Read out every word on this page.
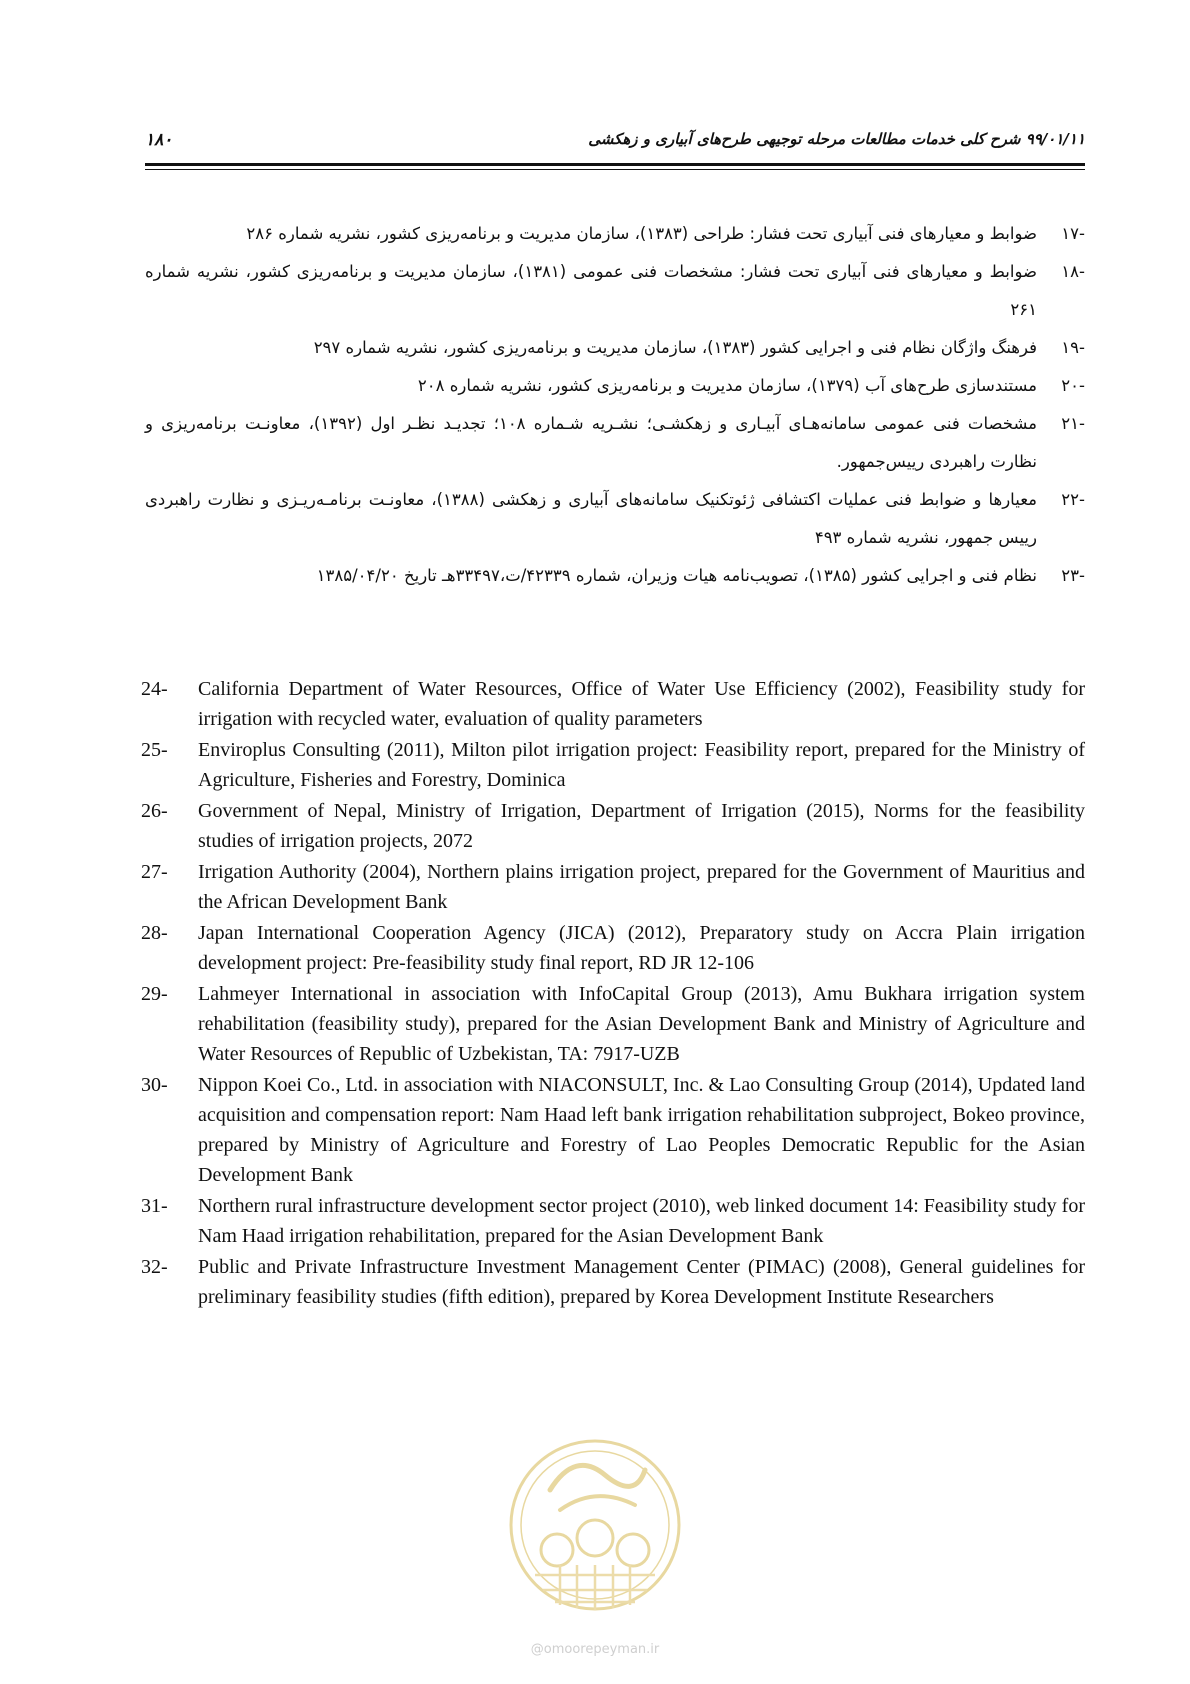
۱۸۰	۹۹/۰۱/۱۱ شرح کلی خدمات مطالعات مرحله توجیهی طرح‌های آبیاری و زهکشی

-۱۷
ضوابط و معیارهای فنی آبیاری تحت فشار: طراحی (۱۳۸۳)، سازمان مدیریت و برنامه‌ریزی کشور، نشریه شماره ۲۸۶

-۱۸
ضوابط و معیارهای فنی آبیاری تحت فشار: مشخصات فنی عمومی (۱۳۸۱)، سازمان مدیریت و برنامه‌ریزی کشور، نشریه شماره ۲۶۱

-۱۹
فرهنگ واژگان نظام فنی و اجرایی کشور (۱۳۸۳)، سازمان مدیریت و برنامه‌ریزی کشور، نشریه شماره ۲۹۷

-۲۰
مستندسازی طرح‌های آب (۱۳۷۹)، سازمان مدیریت و برنامه‌ریزی کشور، نشریه شماره ۲۰۸

-۲۱
مشخصات فنی عمومی سامانه‌هـای آبیـاری و زهکشـی؛ نشـریه شـماره ۱۰۸؛ تجدیـد نظـر اول (۱۳۹۲)، معاونـت برنامه‌ریزی و نظارت راهبردی رییس‌جمهور.

-۲۲
معیارها و ضوابط فنی عملیات اکتشافی ژئوتکنیک سامانه‌های آبیاری و زهکشی (۱۳۸۸)، معاونـت برنامـه‌ریـزی و نظارت راهبردی رییس جمهور، نشریه شماره ۴۹۳

-۲۳
نظام فنی و اجرایی کشور (۱۳۸۵)، تصویب‌نامه هیات وزیران، شماره ۴۲۳۳۹/ت،۳۳۴۹۷هـ تاریخ ۱۳۸۵/۰۴/۲۰

24- California Department of Water Resources, Office of Water Use Efficiency (2002), Feasibility study for irrigation with recycled water, evaluation of quality parameters

25- Enviroplus Consulting (2011), Milton pilot irrigation project: Feasibility report, prepared for the Ministry of Agriculture, Fisheries and Forestry, Dominica

26- Government of Nepal, Ministry of Irrigation, Department of Irrigation (2015), Norms for the feasibility studies of irrigation projects, 2072

27- Irrigation Authority (2004), Northern plains irrigation project, prepared for the Government of Mauritius and the African Development Bank

28- Japan International Cooperation Agency (JICA) (2012), Preparatory study on Accra Plain irrigation development project: Pre-feasibility study final report, RD JR 12-106

29- Lahmeyer International in association with InfoCapital Group (2013), Amu Bukhara irrigation system rehabilitation (feasibility study), prepared for the Asian Development Bank and Ministry of Agriculture and Water Resources of Republic of Uzbekistan, TA: 7917-UZB

30- Nippon Koei Co., Ltd. in association with NIACONSULT, Inc. & Lao Consulting Group (2014), Updated land acquisition and compensation report: Nam Haad left bank irrigation rehabilitation subproject, Bokeo province, prepared by Ministry of Agriculture and Forestry of Lao Peoples Democratic Republic for the Asian Development Bank

31- Northern rural infrastructure development sector project (2010), web linked document 14: Feasibility study for Nam Haad irrigation rehabilitation, prepared for the Asian Development Bank

32- Public and Private Infrastructure Investment Management Center (PIMAC) (2008), General guidelines for preliminary feasibility studies (fifth edition), prepared by Korea Development Institute Researchers

@omoorepeyman.ir
